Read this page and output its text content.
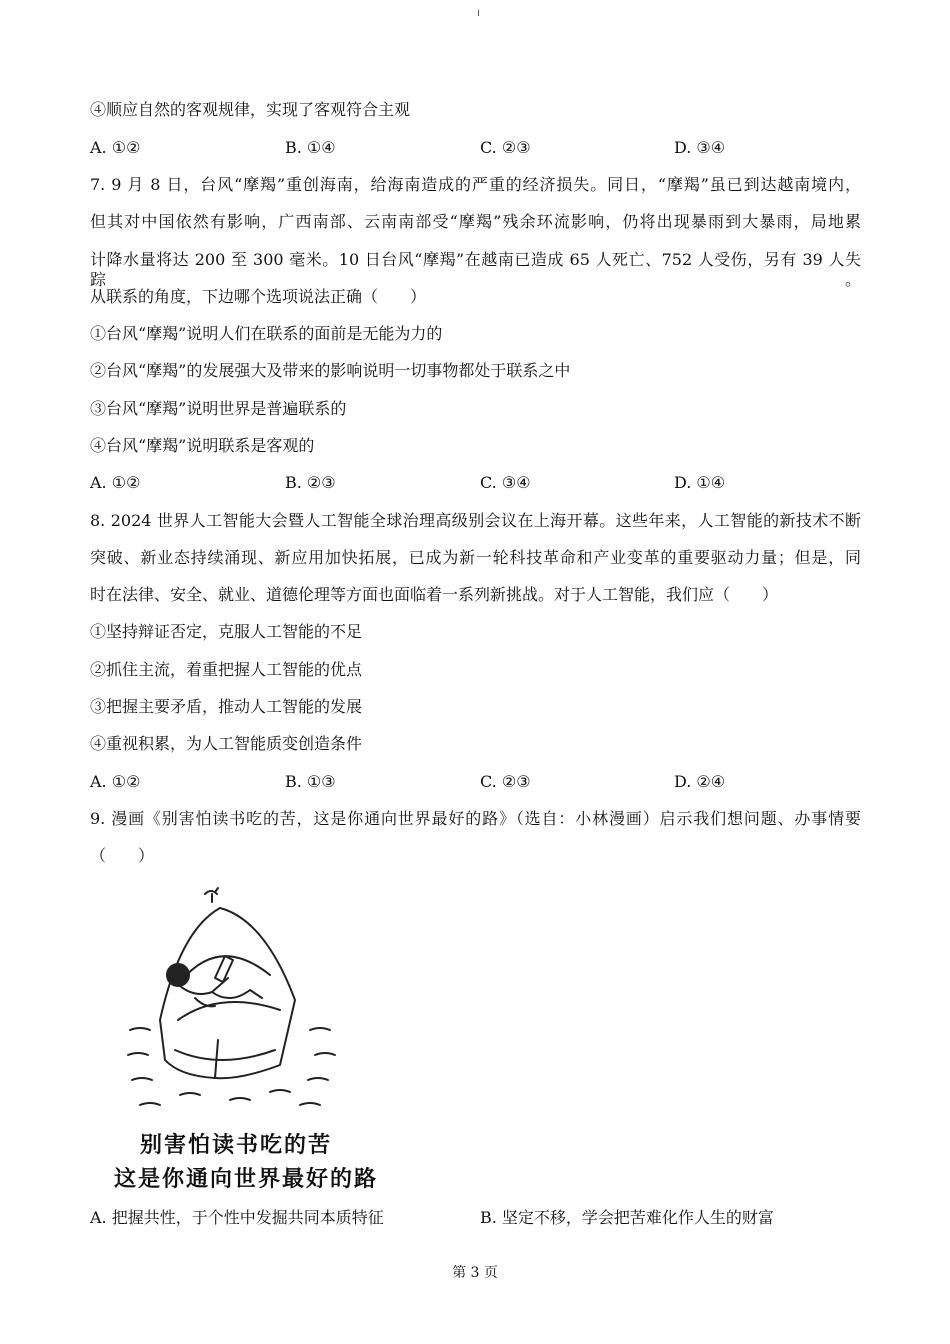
④顺应自然的客观规律，实现了客观符合主观
A. ①②	B. ①④	C. ②③	D. ③④
7. 9 月 8 日，台风“摩羯”重创海南，给海南造成的严重的经济损失。同日，“摩羯”虽已到达越南境内，
但其对中国依然有影响，广西南部、云南南部受“摩羯”残余环流影响，仍将出现暴雨到大暴雨，局地累
计降水量将达 200 至 300 毫米。10 日台风“摩羯”在越南已造成 65 人死亡、752 人受伤，另有 39 人失踪。
从联系的角度，下边哪个选项说法正确（　　）
①台风“摩羯”说明人们在联系的面前是无能为力的
②台风“摩羯”的发展强大及带来的影响说明一切事物都处于联系之中
③台风“摩羯”说明世界是普遍联系的
④台风“摩羯”说明联系是客观的
A. ①②	B. ②③	C. ③④	D. ①④
8. 2024 世界人工智能大会暨人工智能全球治理高级别会议在上海开幕。这些年来，人工智能的新技术不断
突破、新业态持续涌现、新应用加快拓展，已成为新一轮科技革命和产业变革的重要驱动力量；但是，同
时在法律、安全、就业、道德伦理等方面也面临着一系列新挑战。对于人工智能，我们应（　　）
①坚持辩证否定，克服人工智能的不足
②抓住主流，着重把握人工智能的优点
③把握主要矛盾，推动人工智能的发展
④重视积累，为人工智能质变创造条件
A. ①②	B. ①③	C. ②③	D. ②④
9. 漫画《别害怕读书吃的苦，这是你通向世界最好的路》（选自：小林漫画）启示我们想问题、办事情要
（　　）
别害怕读书吃的苦
这是你通向世界最好的路
A. 把握共性，于个性中发掘共同本质特征	B. 坚定不移，学会把苦难化作人生的财富
第 3 页
